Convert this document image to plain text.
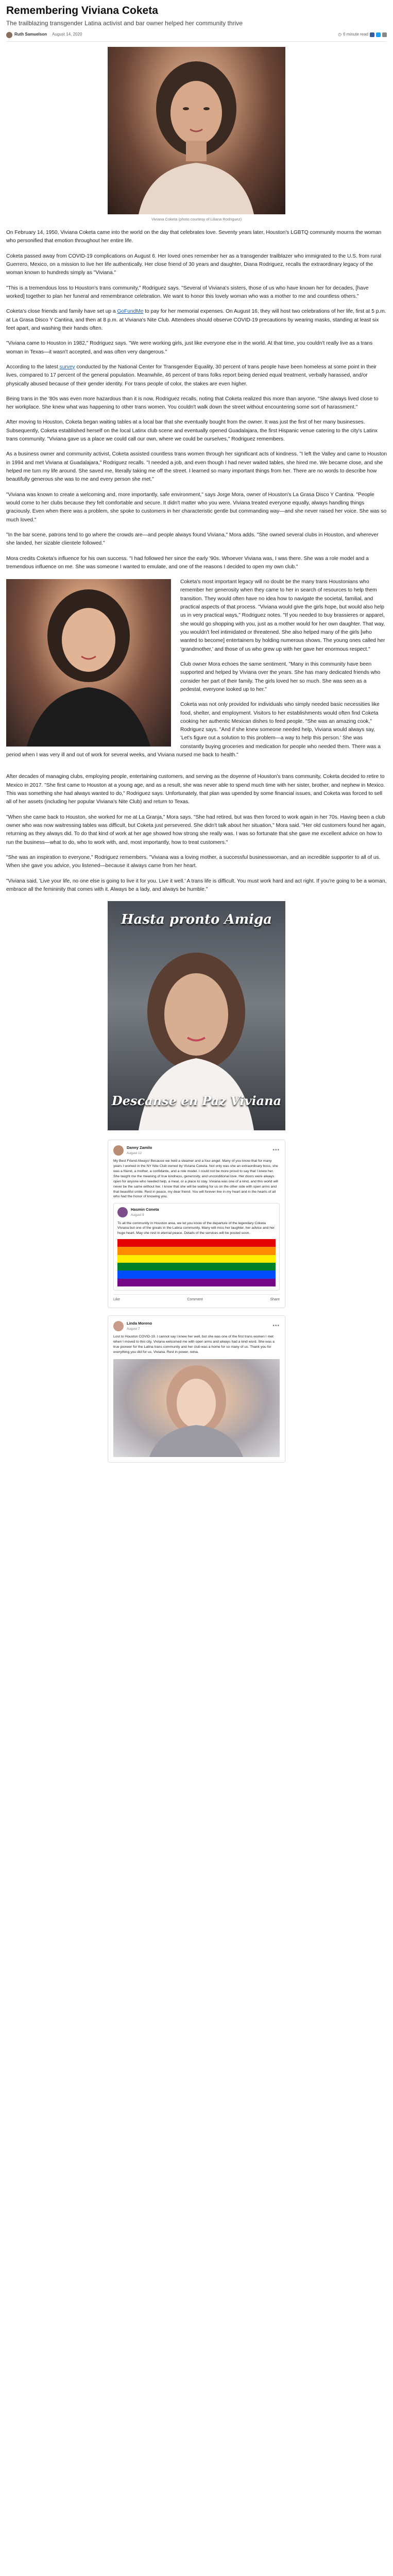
Remembering Viviana Coketa
The trailblazing transgender Latina activist and bar owner helped her community thrive
Ruth Samuelson August 14, 2020	◷ 6 minute read
Viviana Coketa (photo courtesy of Liliana Rodriguez)

On February 14, 1950, Viviana Coketa came into the world on the day that celebrates love. Seventy years later, Houston's LGBTQ community mourns the woman who personified that emotion throughout her entire life.

Coketa passed away from COVID-19 complications on August 6. Her loved ones remember her as a transgender trailblazer who immigrated to the U.S. from rural Guerrero, Mexico, on a mission to live her life authentically. Her close friend of 30 years and daughter, Diana Rodriguez, recalls the extraordinary legacy of the woman known to hundreds simply as "Viviana."

"This is a tremendous loss to Houston's trans community," Rodriguez says. "Several of Viviana's sisters, those of us who have known her for decades, [have worked] together to plan her funeral and remembrance celebration. We want to honor this lovely woman who was a mother to me and countless others."

Coketa's close friends and family have set up a GoFundMe to pay for her memorial expenses. On August 16, they will host two celebrations of her life, first at 5 p.m. at La Grasa Disco Y Cantina, and then at 8 p.m. at Viviana's Nite Club. Attendees should observe COVID-19 precautions by wearing masks, standing at least six feet apart, and washing their hands often.

"Viviana came to Houston in 1982," Rodriguez says. "We were working girls, just like everyone else in the world. At that time, you couldn't really live as a trans woman in Texas—it wasn't accepted, and was often very dangerous."

According to the latest survey conducted by the National Center for Transgender Equality, 30 percent of trans people have been homeless at some point in their lives, compared to 17 percent of the general population. Meanwhile, 46 percent of trans folks report being denied equal treatment, verbally harassed, and/or physically abused because of their gender identity. For trans people of color, the stakes are even higher.

Being trans in the '80s was even more hazardous than it is now, Rodriguez recalls, noting that Coketa realized this more than anyone. "She always lived close to her workplace. She knew what was happening to other trans women. You couldn't walk down the street without encountering some sort of harassment."

After moving to Houston, Coketa began waiting tables at a local bar that she eventually bought from the owner. It was just the first of her many businesses. Subsequently, Coketa established herself on the local Latinx club scene and eventually opened Guadalajara, the first Hispanic venue catering to the city's Latinx trans community. "Viviana gave us a place we could call our own, where we could be ourselves," Rodriguez remembers.

As a business owner and community activist, Coketa assisted countless trans women through her significant acts of kindness. "I left the Valley and came to Houston in 1994 and met Viviana at Guadalajara," Rodriguez recalls. "I needed a job, and even though I had never waited tables, she hired me. We became close, and she helped me turn my life around. She saved me, literally taking me off the street. I learned so many important things from her. There are no words to describe how beautifully generous she was to me and every person she met."

"Viviana was known to create a welcoming and, more importantly, safe environment," says Jorge Mora, owner of Houston's La Grasa Disco Y Cantina. "People would come to her clubs because they felt comfortable and secure. It didn't matter who you were. Viviana treated everyone equally, always handling things graciously. Even when there was a problem, she spoke to customers in her characteristic gentle but commanding way—and she never raised her voice. She was so much loved."

"In the bar scene, patrons tend to go where the crowds are—and people always found Viviana," Mora adds. "She owned several clubs in Houston, and wherever she landed, her sizable clientele followed."

Mora credits Coketa's influence for his own success. "I had followed her since the early '90s. Whoever Viviana was, I was there. She was a role model and a tremendous influence on me. She was someone I wanted to emulate, and one of the reasons I decided to open my own club."

Coketa's most important legacy will no doubt be the many trans Houstonians who remember her generosity when they came to her in search of resources to help them transition. They would often have no idea how to navigate the societal, familial, and practical aspects of that process. "Viviana would give the girls hope, but would also help us in very practical ways," Rodriguez notes. "If you needed to buy brassieres or apparel, she would go shopping with you, just as a mother would for her own daughter. That way, you wouldn't feel intimidated or threatened. She also helped many of the girls [who wanted to become] entertainers by holding numerous shows. The young ones called her 'grandmother,' and those of us who grew up with her gave her enormous respect."

Club owner Mora echoes the same sentiment. "Many in this community have been supported and helped by Viviana over the years. She has many dedicated friends who consider her part of their family. The girls loved her so much. She was seen as a pedestal, everyone looked up to her."

Coketa was not only provided for individuals who simply needed basic necessities like food, shelter, and employment. Visitors to her establishments would often find Coketa cooking her authentic Mexican dishes to feed people. "She was an amazing cook," Rodriguez says. "And if she knew someone needed help, Viviana would always say, 'Let's figure out a solution to this problem—a way to help this person.' She was constantly buying groceries and medication for people who needed them. There was a period when I was very ill and out of work for several weeks, and Viviana nursed me back to health."

After decades of managing clubs, employing people, entertaining customers, and serving as the doyenne of Houston's trans community, Coketa decided to retire to Mexico in 2017. "She first came to Houston at a young age, and as a result, she was never able to spend much time with her sister, brother, and nephew in Mexico. This was something she had always wanted to do," Rodriguez says. Unfortunately, that plan was upended by some financial issues, and Coketa was forced to sell all of her assets (including her popular Viviana's Nite Club) and return to Texas.

"When she came back to Houston, she worked for me at La Granja," Mora says. "She had retired, but was then forced to work again in her 70s. Having been a club owner who was now waitressing tables was difficult, but Coketa just persevered. She didn't talk about her situation," Mora said. "Her old customers found her again, returning as they always did. To do that kind of work at her age showed how strong she really was. I was so fortunate that she gave me excellent advice on how to run the business—what to do, who to work with, and, most importantly, how to treat customers."

"She was an inspiration to everyone," Rodriguez remembers. "Viviana was a loving mother, a successful businesswoman, and an incredible supporter to all of us. When she gave you advice, you listened—because it always came from her heart.

"Viviana said, 'Live your life, no one else is going to live it for you. Live it well.' A trans life is difficult. You must work hard and act right. If you're going to be a woman, embrace all the femininity that comes with it. Always be a lady, and always be humble."

Hasta pronto Amiga
Descanse en Paz Viviana
Danny Zamilo
August 12
•••

My Best Friend Always! Because we held a steamer and a four angel. Many of you know that for many years I worked in the NY Nite Club owned by Viviana Coketa. Not only was she an extraordinary boss, she was a friend, a mother, a confidante, and a role model. I could not be more proud to say that I knew her. She taught me the meaning of true kindness, generosity, and unconditional love. Her doors were always open for anyone who needed help, a meal, or a place to stay. Viviana was one of a kind, and this world will never be the same without her. I know that she will be waiting for us on the other side with open arms and that beautiful smile. Rest in peace, my dear friend. You will forever live in my heart and in the hearts of all who had the honor of knowing you.

Hasmin Coneta
August 9

To all the community in Houston area, we let you know of the departure of the legendary Coketa Viviana but one of the greats in the Latina community. Many will miss her laughter, her advice and her huge heart. May she rest in eternal peace. Details of the services will be posted soon.

Like	Comment	Share
Linda Moreno
August 7
•••

Lost to Houston COVID-19. I cannot say I knew her well, but she was one of the first trans women I met when I moved to this city. Viviana welcomed me with open arms and always had a kind word. She was a true pioneer for the Latina trans community and her club was a home for so many of us. Thank you for everything you did for us, Viviana. Rest in power, reina.
